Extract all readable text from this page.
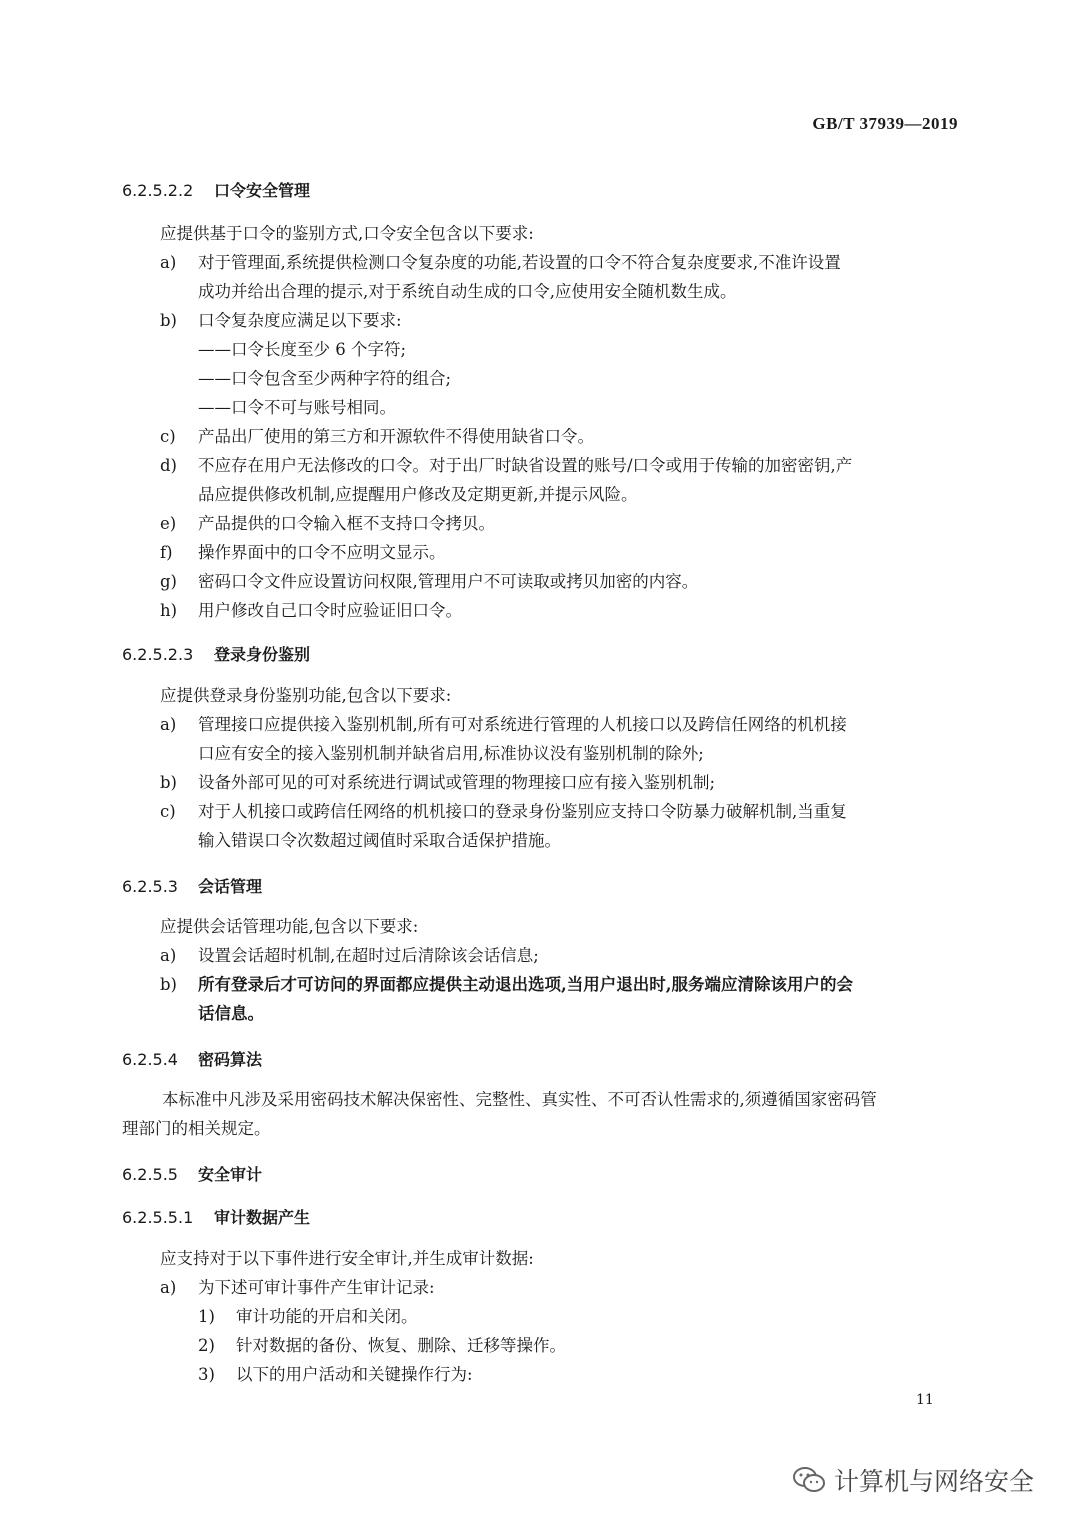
GB/T 37939—2019
6.2.5.2.2 口令安全管理
应提供基于口令的鉴别方式,口令安全包含以下要求:
a) 对于管理面,系统提供检测口令复杂度的功能,若设置的口令不符合复杂度要求,不准许设置
成功并给出合理的提示,对于系统自动生成的口令,应使用安全随机数生成。
b) 口令复杂度应满足以下要求:
——口令长度至少 6 个字符;
——口令包含至少两种字符的组合;
——口令不可与账号相同。
c) 产品出厂使用的第三方和开源软件不得使用缺省口令。
d) 不应存在用户无法修改的口令。对于出厂时缺省设置的账号/口令或用于传输的加密密钥,产
品应提供修改机制,应提醒用户修改及定期更新,并提示风险。
e) 产品提供的口令输入框不支持口令拷贝。
f) 操作界面中的口令不应明文显示。
g) 密码口令文件应设置访问权限,管理用户不可读取或拷贝加密的内容。
h) 用户修改自己口令时应验证旧口令。
6.2.5.2.3 登录身份鉴别
应提供登录身份鉴别功能,包含以下要求:
a) 管理接口应提供接入鉴别机制,所有可对系统进行管理的人机接口以及跨信任网络的机机接
口应有安全的接入鉴别机制并缺省启用,标准协议没有鉴别机制的除外;
b) 设备外部可见的可对系统进行调试或管理的物理接口应有接入鉴别机制;
c) 对于人机接口或跨信任网络的机机接口的登录身份鉴别应支持口令防暴力破解机制,当重复
输入错误口令次数超过阈值时采取合适保护措施。
6.2.5.3 会话管理
应提供会话管理功能,包含以下要求:
a) 设置会话超时机制,在超时过后清除该会话信息;
b) 所有登录后才可访问的界面都应提供主动退出选项,当用户退出时,服务端应清除该用户的会
话信息。
6.2.5.4 密码算法
本标准中凡涉及采用密码技术解决保密性、完整性、真实性、不可否认性需求的,须遵循国家密码管
理部门的相关规定。
6.2.5.5 安全审计
6.2.5.5.1 审计数据产生
应支持对于以下事件进行安全审计,并生成审计数据:
a) 为下述可审计事件产生审计记录:
1) 审计功能的开启和关闭。
2) 针对数据的备份、恢复、删除、迁移等操作。
3) 以下的用户活动和关键操作行为:
11
计算机与网络安全
